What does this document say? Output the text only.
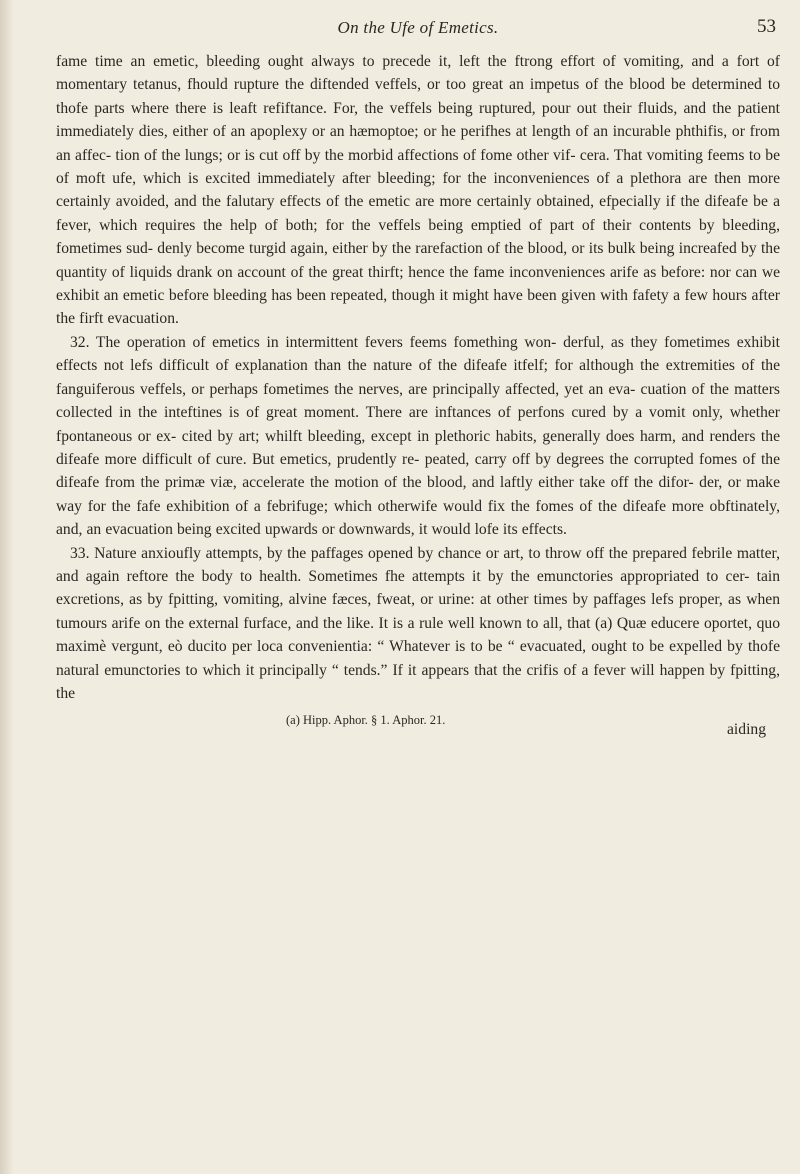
On the Ufe of Emetics.	53

fame time an emetic, bleeding ought always to precede it, left the ftrong effort of vomiting, and a fort of momentary tetanus, fhould rupture the diftended veffels, or too great an impetus of the blood be determined to thofe parts where there is leaft refiftance. For, the veffels being ruptured, pour out their fluids, and the patient immediately dies, either of an apoplexy or an hæmoptoe; or he perifhes at length of an incurable phthifis, or from an affec- tion of the lungs; or is cut off by the morbid affections of fome other vif- cera. That vomiting feems to be of moft ufe, which is excited immediately after bleeding; for the inconveniences of a plethora are then more certainly avoided, and the falutary effects of the emetic are more certainly obtained, efpecially if the difeafe be a fever, which requires the help of both; for the veffels being emptied of part of their contents by bleeding, fometimes sud- denly become turgid again, either by the rarefaction of the blood, or its bulk being increafed by the quantity of liquids drank on account of the great thirft; hence the fame inconveniences arife as before: nor can we exhibit an emetic before bleeding has been repeated, though it might have been given with fafety a few hours after the firft evacuation.

32. The operation of emetics in intermittent fevers feems fomething won- derful, as they fometimes exhibit effects not lefs difficult of explanation than the nature of the difeafe itfelf; for although the extremities of the fanguiferous veffels, or perhaps fometimes the nerves, are principally affected, yet an eva- cuation of the matters collected in the inteftines is of great moment. There are inftances of perfons cured by a vomit only, whether fpontaneous or ex- cited by art; whilft bleeding, except in plethoric habits, generally does harm, and renders the difeafe more difficult of cure. But emetics, prudently re- peated, carry off by degrees the corrupted fomes of the difeafe from the primæ viæ, accelerate the motion of the blood, and laftly either take off the difor- der, or make way for the fafe exhibition of a febrifuge; which otherwife would fix the fomes of the difeafe more obftinately, and, an evacuation being excited upwards or downwards, it would lofe its effects.

33. Nature anxioufly attempts, by the paffages opened by chance or art, to throw off the prepared febrile matter, and again reftore the body to health. Sometimes fhe attempts it by the emunctories appropriated to cer- tain excretions, as by fpitting, vomiting, alvine fæces, fweat, or urine: at other times by paffages lefs proper, as when tumours arife on the external furface, and the like. It is a rule well known to all, that (a) Quæ educere oportet, quo maximè vergunt, eò ducito per loca convenientia: “ Whatever is to be “ evacuated, ought to be expelled by thofe natural emunctories to which it principally “ tends.” If it appears that the crifis of a fever will happen by fpitting, the

(a) Hipp. Aphor. § 1. Aphor. 21.
aiding
